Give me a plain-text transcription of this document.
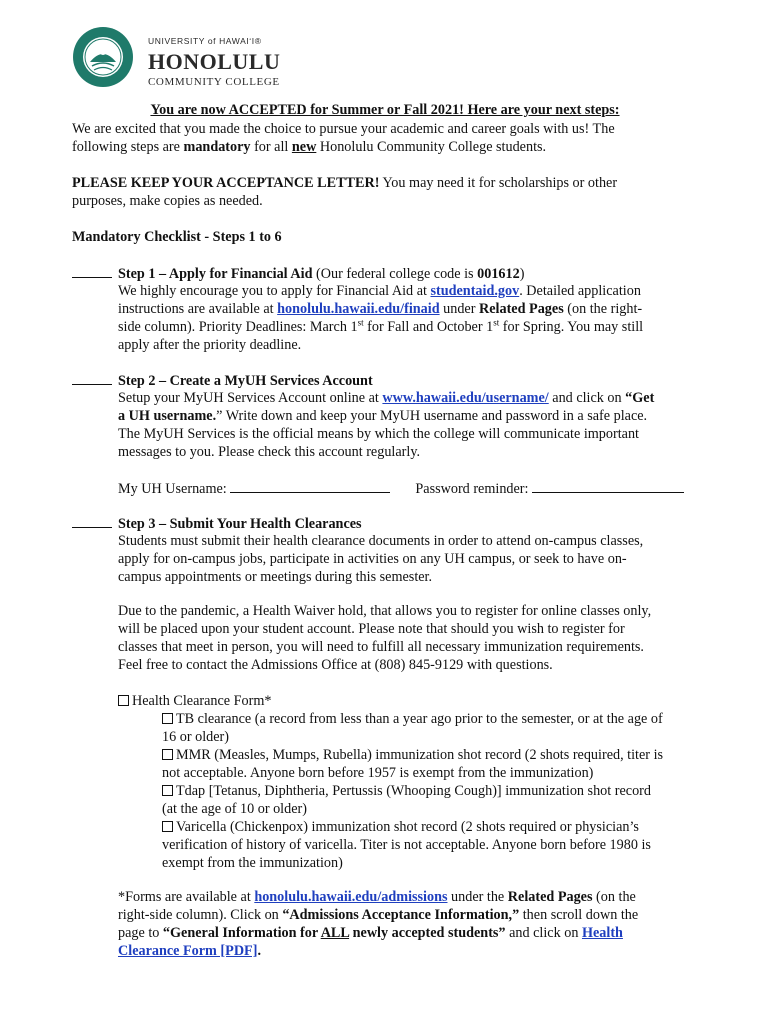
UNIVERSITY of HAWAIʻI®
HONOLULU
COMMUNITY COLLEGE
You are now ACCEPTED for Summer or Fall 2021! Here are your next steps:

We are excited that you made the choice to pursue your academic and career goals with us! The

following steps are mandatory for all new Honolulu Community College students.

PLEASE KEEP YOUR ACCEPTANCE LETTER! You may need it for scholarships or other

purposes, make copies as needed.

Mandatory Checklist - Steps 1 to 6
Step 1 – Apply for Financial Aid (Our federal college code is 001612)

We highly encourage you to apply for Financial Aid at studentaid.gov. Detailed application

instructions are available at honolulu.hawaii.edu/finaid under Related Pages (on the right-

side column). Priority Deadlines: March 1st for Fall and October 1st for Spring. You may still

apply after the priority deadline.

Step 2 – Create a MyUH Services Account

Setup your MyUH Services Account online at www.hawaii.edu/username/ and click on “Get

a UH username.” Write down and keep your MyUH username and password in a safe place.

The MyUH Services is the official means by which the college will communicate important

messages to you. Please check this account regularly.

My UH Username:	Password reminder:
Step 3 – Submit Your Health Clearances

Students must submit their health clearance documents in order to attend on-campus classes,

apply for on-campus jobs, participate in activities on any UH campus, or seek to have on-

campus appointments or meetings during this semester.

Due to the pandemic, a Health Waiver hold, that allows you to register for online classes only,

will be placed upon your student account. Please note that should you wish to register for

classes that meet in person, you will need to fulfill all necessary immunization requirements.

Feel free to contact the Admissions Office at (808) 845-9129 with questions.

Health Clearance Form*

TB clearance (a record from less than a year ago prior to the semester, or at the age of

16 or older)

MMR (Measles, Mumps, Rubella) immunization shot record (2 shots required, titer is

not acceptable. Anyone born before 1957 is exempt from the immunization)

Tdap [Tetanus, Diphtheria, Pertussis (Whooping Cough)] immunization shot record

(at the age of 10 or older)

Varicella (Chickenpox) immunization shot record (2 shots required or physician’s

verification of history of varicella. Titer is not acceptable. Anyone born before 1980 is

exempt from the immunization)

*Forms are available at honolulu.hawaii.edu/admissions under the Related Pages (on the

right-side column). Click on “Admissions Acceptance Information,” then scroll down the

page to “General Information for ALL newly accepted students” and click on Health

Clearance Form [PDF].
